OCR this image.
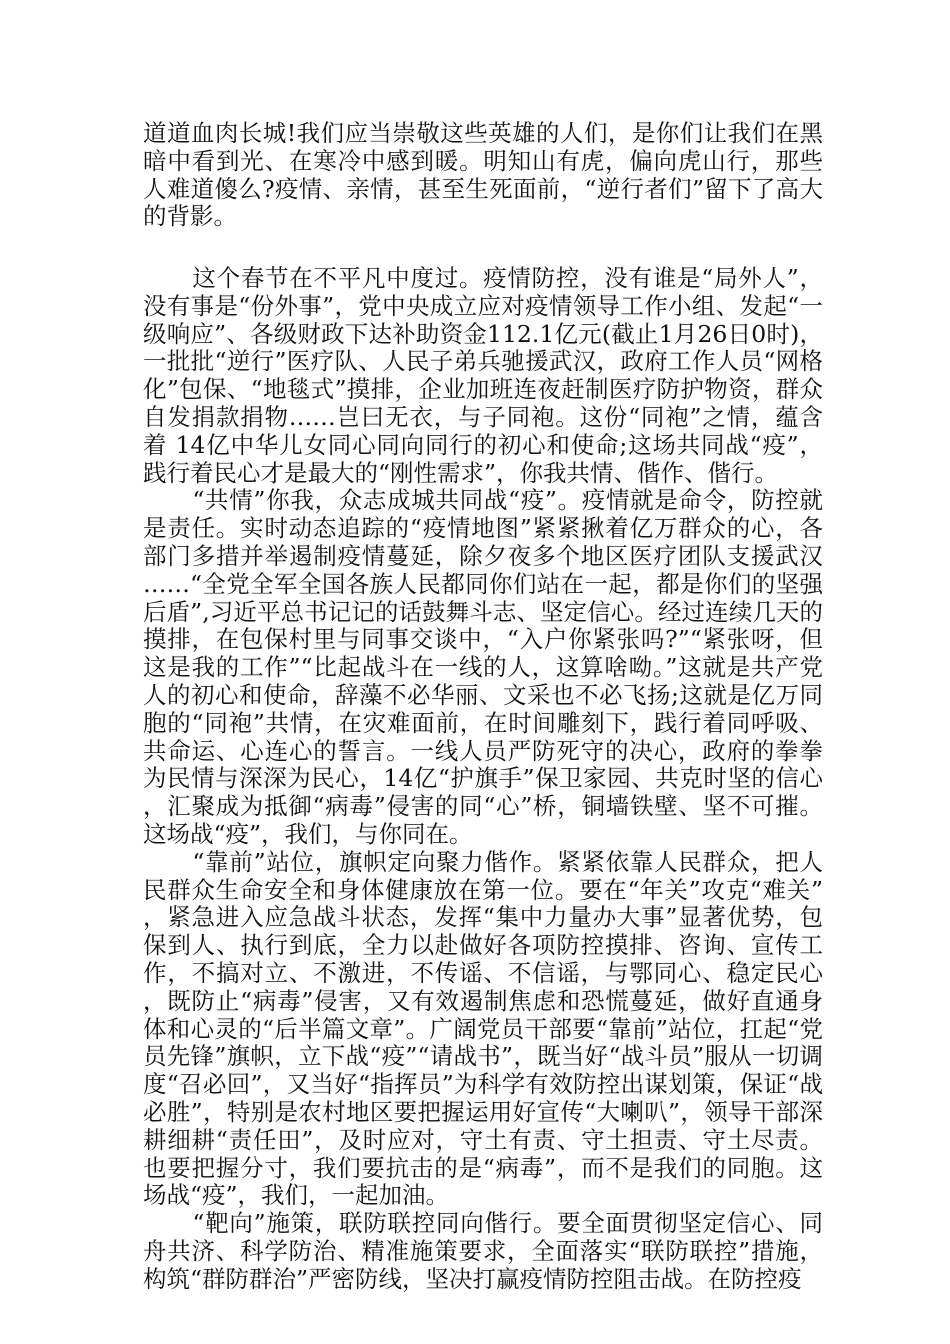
道道血肉长城!我们应当崇敬这些英雄的人们，是你们让我们在黑暗中看到光、在寒冷中感到暖。明知山有虎，偏向虎山行，那些人难道傻么?疫情、亲情，甚至生死面前，“逆行者们”留下了高大的背影。

这个春节在不平凡中度过。疫情防控，没有谁是“局外人”，没有事是“份外事”，党中央成立应对疫情领导工作小组、发起“一级响应”、各级财政下达补助资金112.1亿元(截止1月26日0时)，一批批“逆行”医疗队、人民子弟兵驰援武汉，政府工作人员“网格化”包保、“地毯式”摸排，企业加班连夜赶制医疗防护物资，群众自发捐款捐物……岂曰无衣，与子同袍。这份“同袍”之情，蕴含着 14亿中华儿女同心同向同行的初心和使命;这场共同战“疫”，践行着民心才是最大的“刚性需求”，你我共情、偕作、偕行。

“共情”你我，众志成城共同战“疫”。疫情就是命令，防控就是责任。实时动态追踪的“疫情地图”紧紧揪着亿万群众的心，各部门多措并举遏制疫情蔓延，除夕夜多个地区医疗团队支援武汉……“全党全军全国各族人民都同你们站在一起，都是你们的坚强后盾”,习近平总书记记的话鼓舞斗志、坚定信心。经过连续几天的摸排，在包保村里与同事交谈中，“入户你紧张吗?”“紧张呀，但这是我的工作”“比起战斗在一线的人，这算啥呦。”这就是共产党人的初心和使命，辞藻不必华丽、文采也不必飞扬;这就是亿万同胞的“同袍”共情，在灾难面前，在时间雕刻下，践行着同呼吸、共命运、心连心的誓言。一线人员严防死守的决心，政府的拳拳为民情与深深为民心，14亿“护旗手”保卫家园、共克时坚的信心，汇聚成为抵御“病毒”侵害的同“心”桥，铜墙铁壁、坚不可摧。这场战“疫”，我们，与你同在。

“靠前”站位，旗帜定向聚力偕作。紧紧依靠人民群众，把人民群众生命安全和身体健康放在第一位。要在“年关”攻克“难关”，紧急进入应急战斗状态，发挥“集中力量办大事”显著优势，包保到人、执行到底，全力以赴做好各项防控摸排、咨询、宣传工作，不搞对立、不激进，不传谣、不信谣，与鄂同心、稳定民心，既防止“病毒”侵害，又有效遏制焦虑和恐慌蔓延，做好直通身体和心灵的“后半篇文章”。广阔党员干部要“靠前”站位，扛起“党员先锋”旗帜，立下战“疫”“请战书”，既当好“战斗员”服从一切调度“召必回”，又当好“指挥员”为科学有效防控出谋划策，保证“战必胜”，特别是农村地区要把握运用好宣传“大喇叭”，领导干部深耕细耕“责任田”，及时应对，守土有责、守土担责、守土尽责。也要把握分寸，我们要抗击的是“病毒”，而不是我们的同胞。这场战“疫”，我们，一起加油。

“靶向”施策，联防联控同向偕行。要全面贯彻坚定信心、同舟共济、科学防治、精准施策要求，全面落实“联防联控”措施，构筑“群防群治”严密防线，坚决打赢疫情防控阻击战。在防控疫
